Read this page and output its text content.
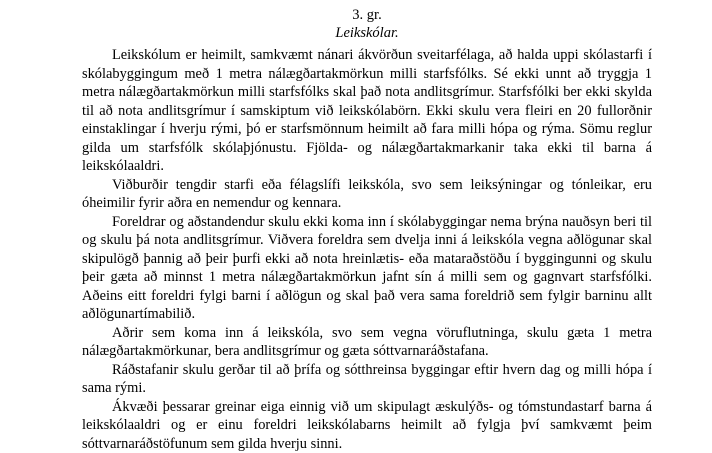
3. gr.
Leikskólar.

Leikskólum er heimilt, samkvæmt nánari ákvörðun sveitarfélaga, að halda uppi skólastarfi í skólabyggingum með 1 metra nálægðartakmörkun milli starfsfólks. Sé ekki unnt að tryggja 1 metra nálægðartakmörkun milli starfsfólks skal það nota andlitsgrímur. Starfsfólki ber ekki skylda til að nota andlitsgrímur í samskiptum við leikskólabörn. Ekki skulu vera fleiri en 20 fullorðnir einstaklingar í hverju rými, þó er starfsmönnum heimilt að fara milli hópa og rýma. Sömu reglur gilda um starfsfólk skólaþjónustu. Fjölda- og nálægðartakmarkanir taka ekki til barna á leikskólaaldri.

Viðburðir tengdir starfi eða félagslífi leikskóla, svo sem leiksýningar og tónleikar, eru óheimilir fyrir aðra en nemendur og kennara.

Foreldrar og aðstandendur skulu ekki koma inn í skólabyggingar nema brýna nauðsyn beri til og skulu þá nota andlitsgrímur. Viðvera foreldra sem dvelja inni á leikskóla vegna aðlögunar skal skipulögð þannig að þeir þurfi ekki að nota hreinlætis- eða mataraðstöðu í byggingunni og skulu þeir gæta að minnst 1 metra nálægðartakmörkun jafnt sín á milli sem og gagnvart starfsfólki. Aðeins eitt foreldri fylgi barni í aðlögun og skal það vera sama foreldrið sem fylgir barninu allt aðlögunartímabilið.

Aðrir sem koma inn á leikskóla, svo sem vegna vöruflutninga, skulu gæta 1 metra nálægðartakmörkunar, bera andlitsgrímur og gæta sóttvarnaráðstafana.

Ráðstafanir skulu gerðar til að þrífa og sótthreinsa byggingar eftir hvern dag og milli hópa í sama rými.

Ákvæði þessarar greinar eiga einnig við um skipulagt æskulýðs- og tómstundastarf barna á leikskólaaldri og er einu foreldri leikskólabarns heimilt að fylgja því samkvæmt þeim sóttvarnaráðstöfunum sem gilda hverju sinni.
